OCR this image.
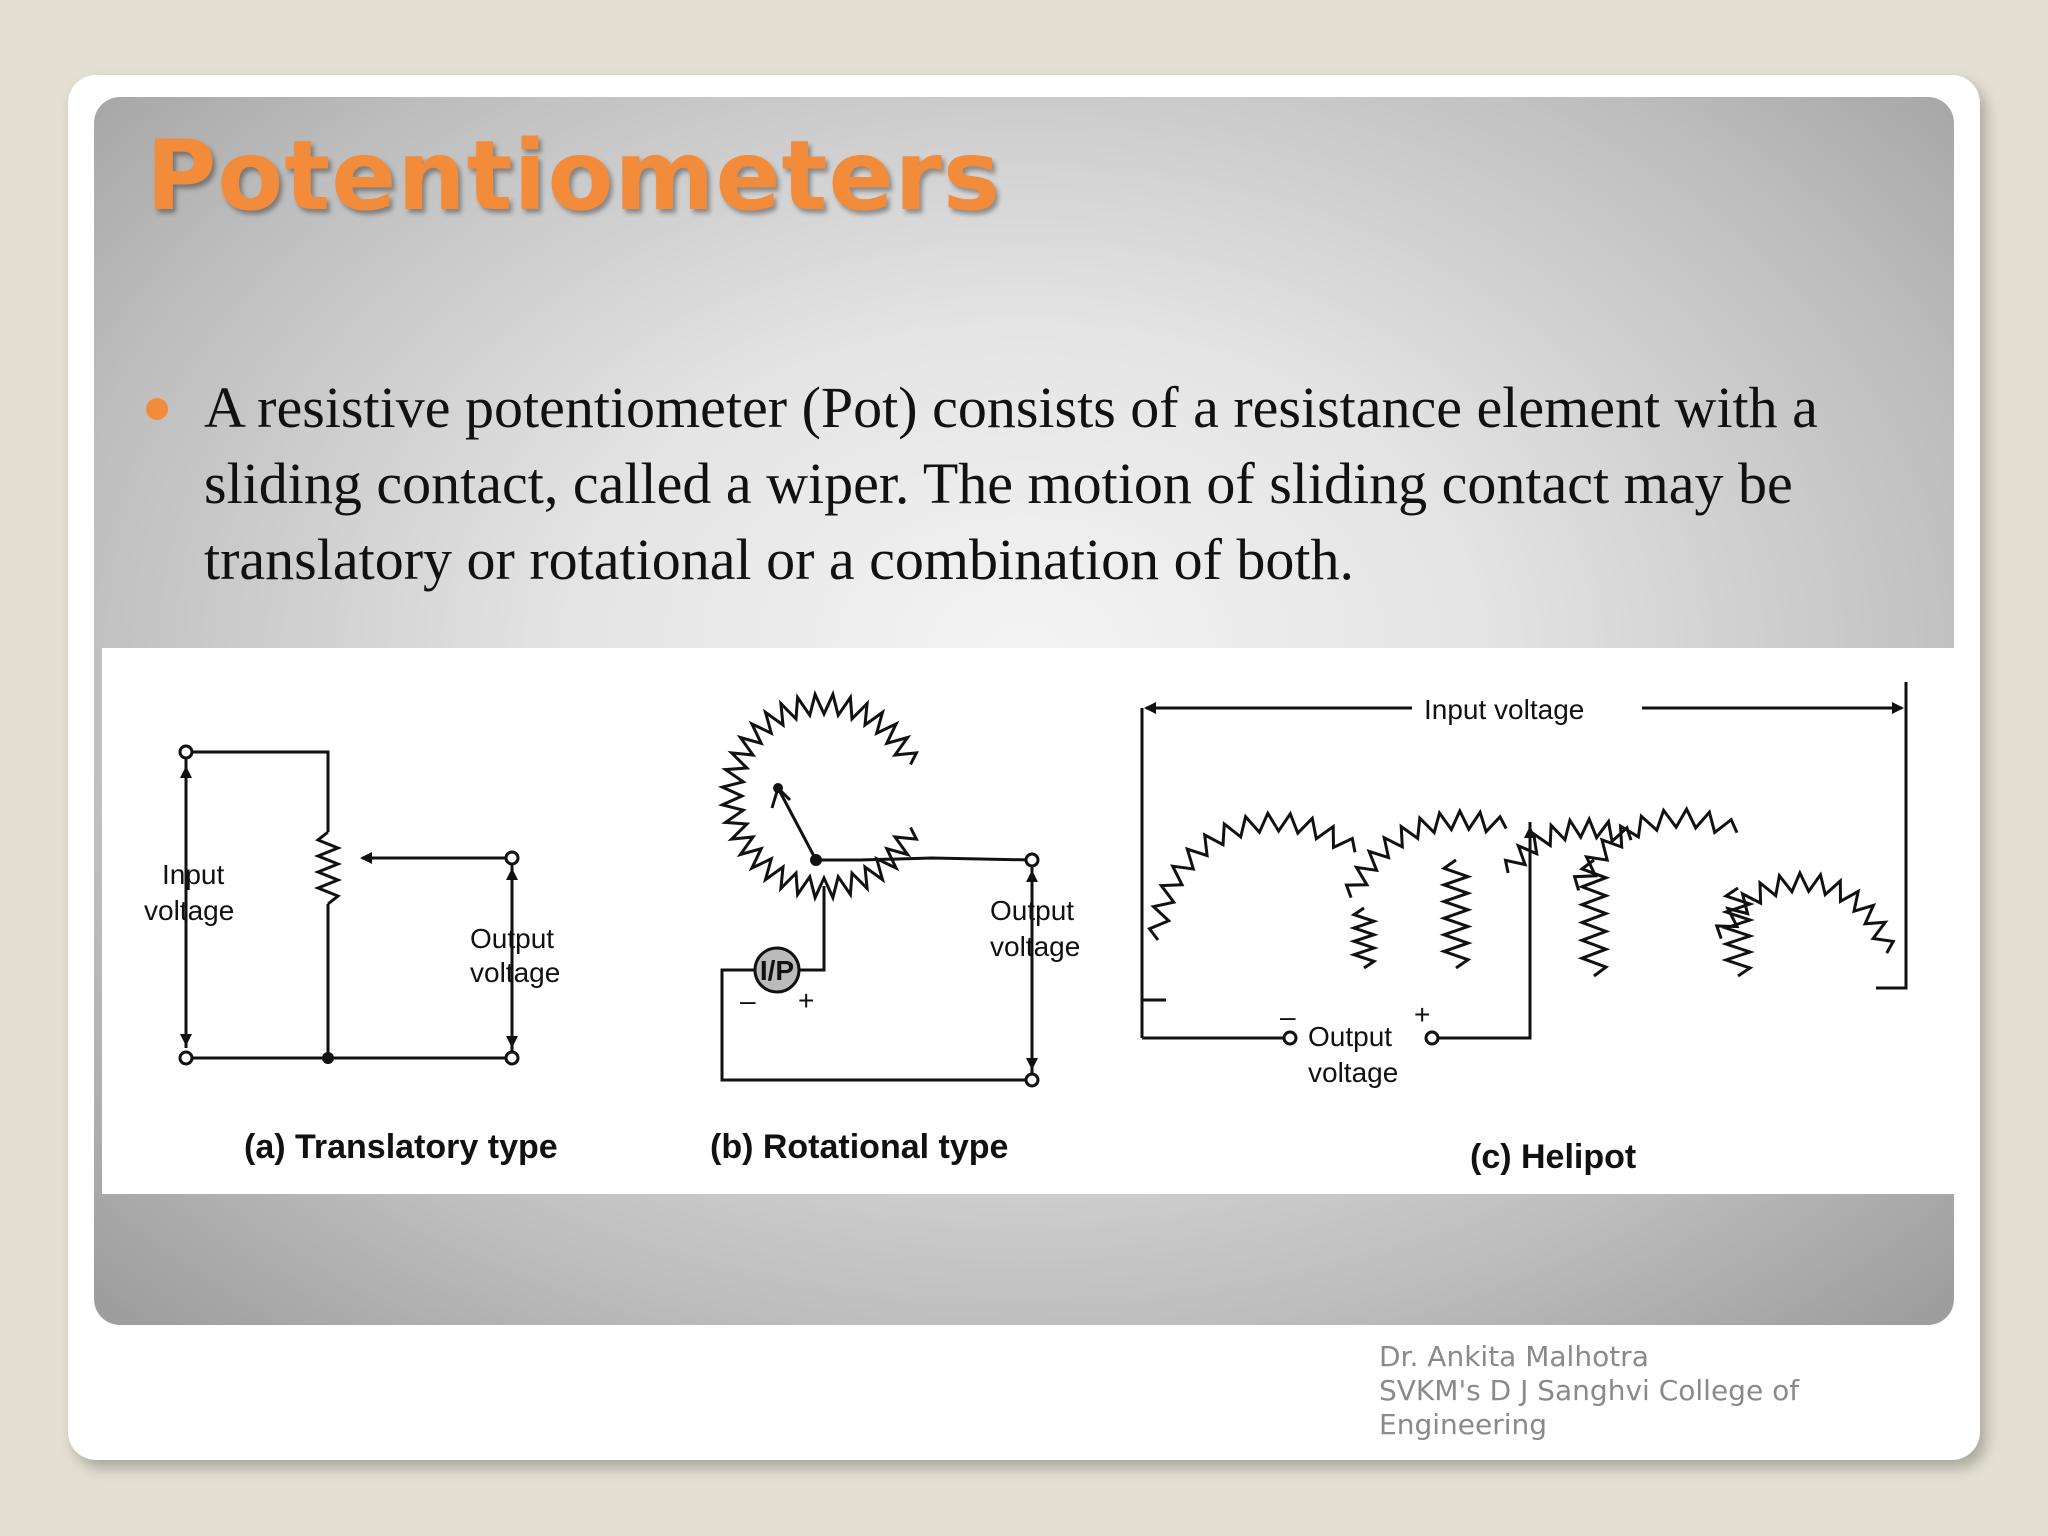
Potentiometers
A resistive potentiometer (Pot) consists of a resistance element with a sliding contact, called a wiper. The motion of sliding contact may be translatory or rotational or a combination of both.
I/P
– +
Input
voltage
Output
voltage
(a) Translatory type
Output
voltage
(b) Rotational type
Input voltage
Output
voltage
–	+
(c) Helipot
Dr. Ankita Malhotra
SVKM's D J Sanghvi College of
Engineering
